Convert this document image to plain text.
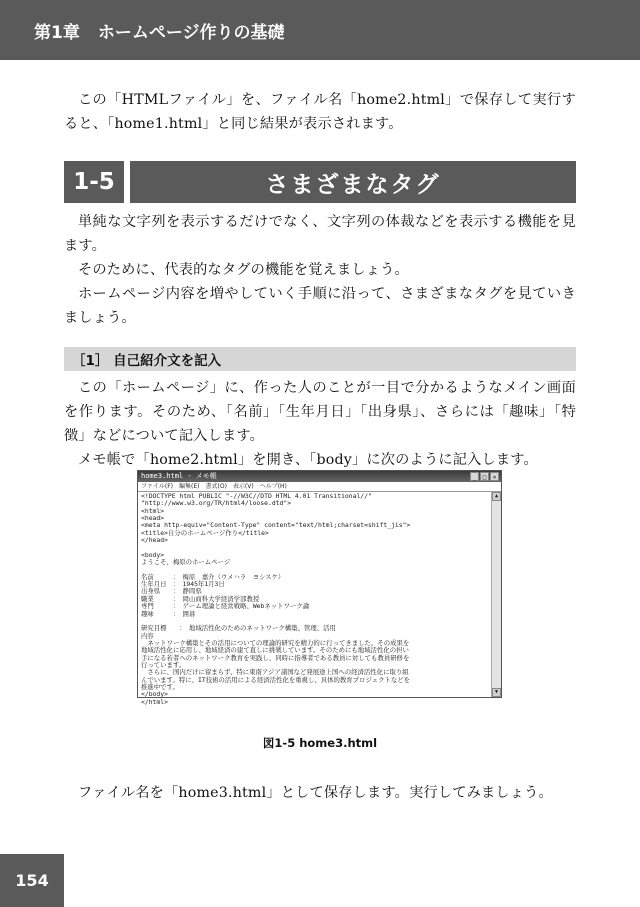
第1章 ホームページ作りの基礎

この「HTMLファイル」を、ファイル名「home2.html」で保存して実行すると、「home1.html」と同じ結果が表示されます。

1-5	さまざまなタグ

単純な文字列を表示するだけでなく、文字列の体裁などを表示する機能を見ます。

そのために、代表的なタグの機能を覚えましょう。

ホームページ内容を増やしていく手順に沿って、さまざまなタグを見ていきましょう。

［1］ 自己紹介文を記入

この「ホームページ」に、作った人のことが一目で分かるようなメイン画面を作ります。そのため、「名前」「生年月日」「出身県」、さらには「趣味」「特徴」などについて記入します。

メモ帳で「home2.html」を開き、「body」に次のように記入します。

home3.html - メモ帳	_	□	×
ファイル(F) 編集(E) 書式(O) 表示(V) ヘルプ(H)
<!DOCTYPE html PUBLIC "-//W3C//DTD HTML 4.01 Transitional//"
"http://www.w3.org/TR/html4/loose.dtd">
<html>
<head>
<meta http-equiv="Content-Type" content="text/html;charset=shift_jis">
<title>自分のホームページ作り</title>
</head>

<body>
ようこそ、梅原のホームページ

名前　　　：　梅原　嘉介（ウメハラ　ヨシスケ）
生年月日　：　1945年1月3日
出身県　　：　静岡県
職業　　　：　岡山商科大学経済学部教授
専門　　　：　ゲーム理論と経営戦略、Webネットワーク論
趣味　　　：　囲碁

研究目標　　：　地域活性化のためのネットワーク構築、管理、活用
内容
　ネットワーク構築とその活用についての理論的研究を精力的に行ってきました。その成果を
地域活性化に応用し、地域経済の建て直しに挑戦しています。そのためにも地域活性化の担い
手になる若者へのネットワーク教育を実践し、同時に指導者である教員に対しても教員研修を
行っています。
　さらに、国内だけに留まらず、特に東南アジア諸国など発展途上国への経済活性化に取り組
んでいます。特に、IT技術の活用による経済活性化を重視し、具体的教育プロジェクトなどを
推進中です。
</body>
</html>
▲
▼
図1-5 home3.html

ファイル名を「home3.html」として保存します。実行してみましょう。

154
